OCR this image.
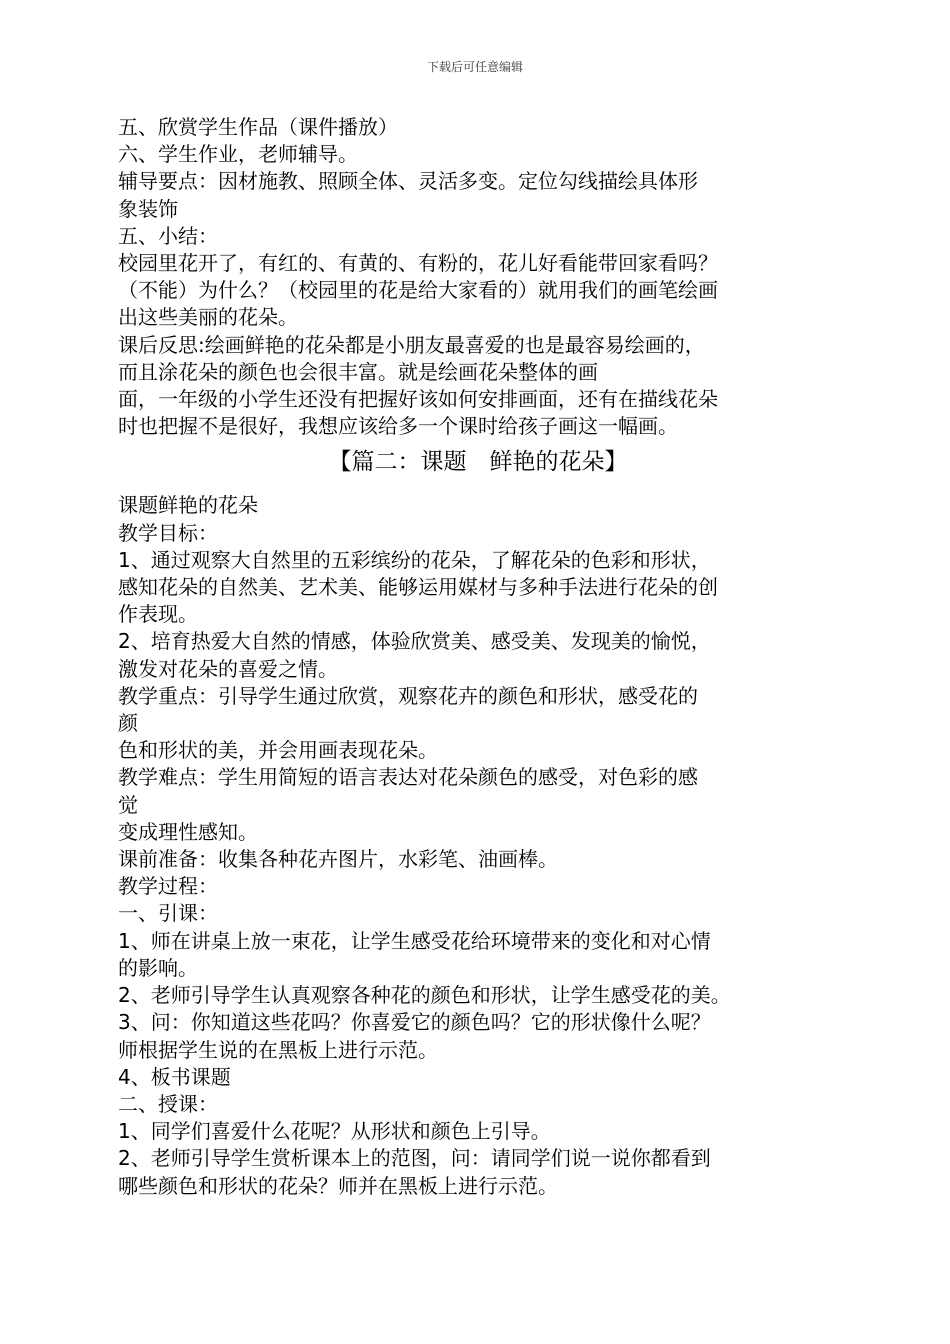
下载后可任意编辑
五、欣赏学生作品（课件播放）
六、学生作业，老师辅导。
辅导要点：因材施教、照顾全体、灵活多变。定位勾线描绘具体形
象装饰
五、小结：
校园里花开了，有红的、有黄的、有粉的，花儿好看能带回家看吗？
（不能）为什么？（校园里的花是给大家看的）就用我们的画笔绘画
出这些美丽的花朵。
课后反思:绘画鲜艳的花朵都是小朋友最喜爱的也是最容易绘画的，
而且涂花朵的颜色也会很丰富。就是绘画花朵整体的画
面，一年级的小学生还没有把握好该如何安排画面，还有在描线花朵
时也把握不是很好，我想应该给多一个课时给孩子画这一幅画。
【篇二：课题　鲜艳的花朵】
课题鲜艳的花朵
教学目标：
1、通过观察大自然里的五彩缤纷的花朵，了解花朵的色彩和形状，
感知花朵的自然美、艺术美、能够运用媒材与多种手法进行花朵的创
作表现。
2、培育热爱大自然的情感，体验欣赏美、感受美、发现美的愉悦，
激发对花朵的喜爱之情。
教学重点：引导学生通过欣赏，观察花卉的颜色和形状，感受花的
颜
色和形状的美，并会用画表现花朵。
教学难点：学生用简短的语言表达对花朵颜色的感受，对色彩的感
觉
变成理性感知。
课前准备：收集各种花卉图片，水彩笔、油画棒。
教学过程：
一、引课：
1、师在讲桌上放一束花，让学生感受花给环境带来的变化和对心情
的影响。
2、老师引导学生认真观察各种花的颜色和形状，让学生感受花的美。
3、问：你知道这些花吗？你喜爱它的颜色吗？它的形状像什么呢？
师根据学生说的在黑板上进行示范。
4、板书课题
二、授课：
1、同学们喜爱什么花呢？从形状和颜色上引导。
2、老师引导学生赏析课本上的范图，问：请同学们说一说你都看到
哪些颜色和形状的花朵？师并在黑板上进行示范。
